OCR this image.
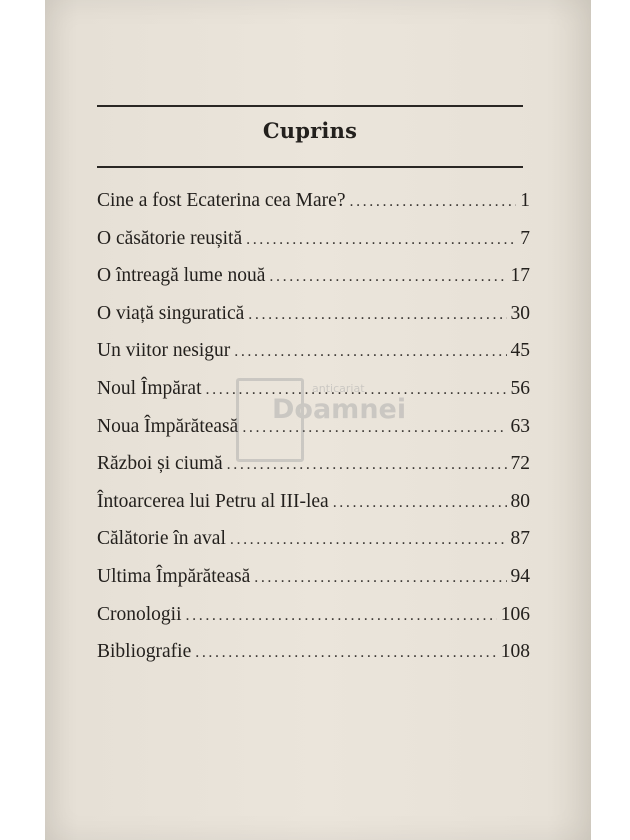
Cuprins
Cine a fost Ecaterina cea Mare? .....	1
O căsătorie reușită .....	7
O întreagă lume nouă .....	17
O viață singuratică .....	30
Un viitor nesigur .....	45
Noul Împărat .....	56
Noua Împărăteasă .....	63
Război și ciumă .....	72
Întoarcerea lui Petru al III-lea .....	80
Călătorie în aval .....	87
Ultima Împărăteasă .....	94
Cronologii .....	106
Bibliografie .....	108
anticariat
Doamnei
